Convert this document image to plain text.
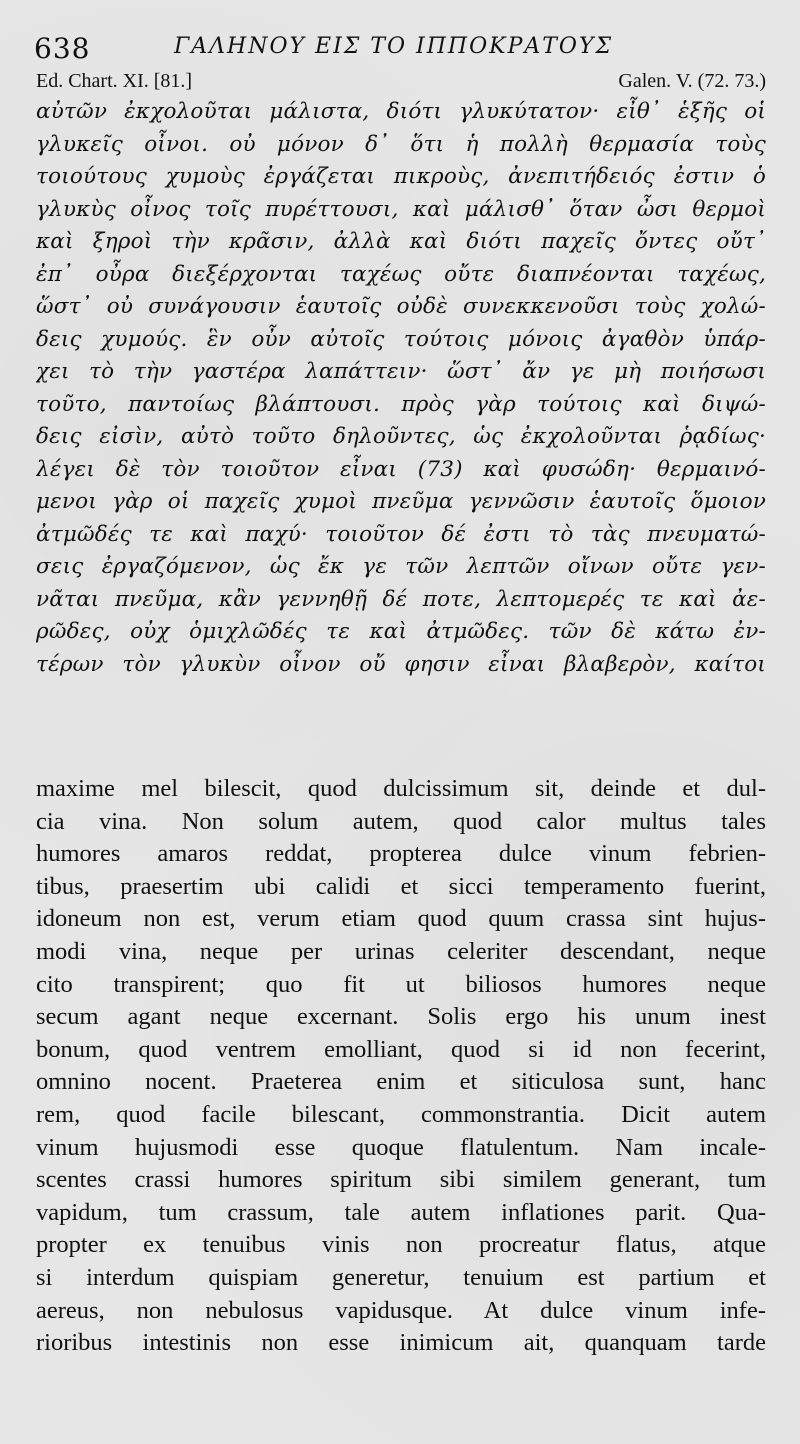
638	ΓΑΛΗΝΟΥ ΕΙΣ ΤΟ ΙΠΠΟΚΡΑΤΟΥΣ
Ed. Chart. XI. [81.]	Galen. V. (72. 73.)
αὐτῶν ἐκχολοῦται μάλιστα, διότι γλυκύτατον· εἶθ᾽ ἑξῆς οἱ
γλυκεῖς οἶνοι. οὐ μόνον δ᾽ ὅτι ἡ πολλὴ θερμασία τοὺς
τοιούτους χυμοὺς ἐργάζεται πικροὺς, ἀνεπιτήδειός ἐστιν ὁ
γλυκὺς οἶνος τοῖς πυρέττουσι, καὶ μάλισθ᾽ ὅταν ὦσι θερμοὶ
καὶ ξηροὶ τὴν κρᾶσιν, ἀλλὰ καὶ διότι παχεῖς ὄντες οὔτ᾽
ἐπ᾽ οὖρα διεξέρχονται ταχέως οὔτε διαπνέονται ταχέως,
ὥστ᾽ οὐ συνάγουσιν ἑαυτοῖς οὐδὲ συνεκκενοῦσι τοὺς χολώ-
δεις χυμούς. ἓν οὖν αὐτοῖς τούτοις μόνοις ἀγαθὸν ὑπάρ-
χει τὸ τὴν γαστέρα λαπάττειν· ὥστ᾽ ἄν γε μὴ ποιήσωσι
τοῦτο, παντοίως βλάπτουσι. πρὸς γὰρ τούτοις καὶ διψώ-
δεις εἰσὶν, αὐτὸ τοῦτο δηλοῦντες, ὡς ἐκχολοῦνται ῥᾳδίως·
λέγει δὲ τὸν τοιοῦτον εἶναι (73) καὶ φυσώδη· θερμαινό-
μενοι γὰρ οἱ παχεῖς χυμοὶ πνεῦμα γεννῶσιν ἑαυτοῖς ὅμοιον
ἀτμῶδές τε καὶ παχύ· τοιοῦτον δέ ἐστι τὸ τὰς πνευματώ-
σεις ἐργαζόμενον, ὡς ἔκ γε τῶν λεπτῶν οἴνων οὔτε γεν-
νᾶται πνεῦμα, κἂν γεννηθῇ δέ ποτε, λεπτομερές τε καὶ ἀε-
ρῶδες, οὐχ ὁμιχλῶδές τε καὶ ἀτμῶδες. τῶν δὲ κάτω ἐν-
τέρων τὸν γλυκὺν οἶνον οὔ φησιν εἶναι βλαβερὸν, καίτοι
maxime mel bilescit, quod dulcissimum sit, deinde et dul-
cia vina. Non solum autem, quod calor multus tales
humores amaros reddat, propterea dulce vinum febrien-
tibus, praesertim ubi calidi et sicci temperamento fuerint,
idoneum non est, verum etiam quod quum crassa sint hujus-
modi vina, neque per urinas celeriter descendant, neque
cito transpirent; quo fit ut biliosos humores neque
secum agant neque excernant. Solis ergo his unum inest
bonum, quod ventrem emolliant, quod si id non fecerint,
omnino nocent. Praeterea enim et siticulosa sunt, hanc
rem, quod facile bilescant, commonstrantia. Dicit autem
vinum hujusmodi esse quoque flatulentum. Nam incale-
scentes crassi humores spiritum sibi similem generant, tum
vapidum, tum crassum, tale autem inflationes parit. Qua-
propter ex tenuibus vinis non procreatur flatus, atque
si interdum quispiam generetur, tenuium est partium et
aereus, non nebulosus vapidusque. At dulce vinum infe-
rioribus intestinis non esse inimicum ait, quanquam tarde
